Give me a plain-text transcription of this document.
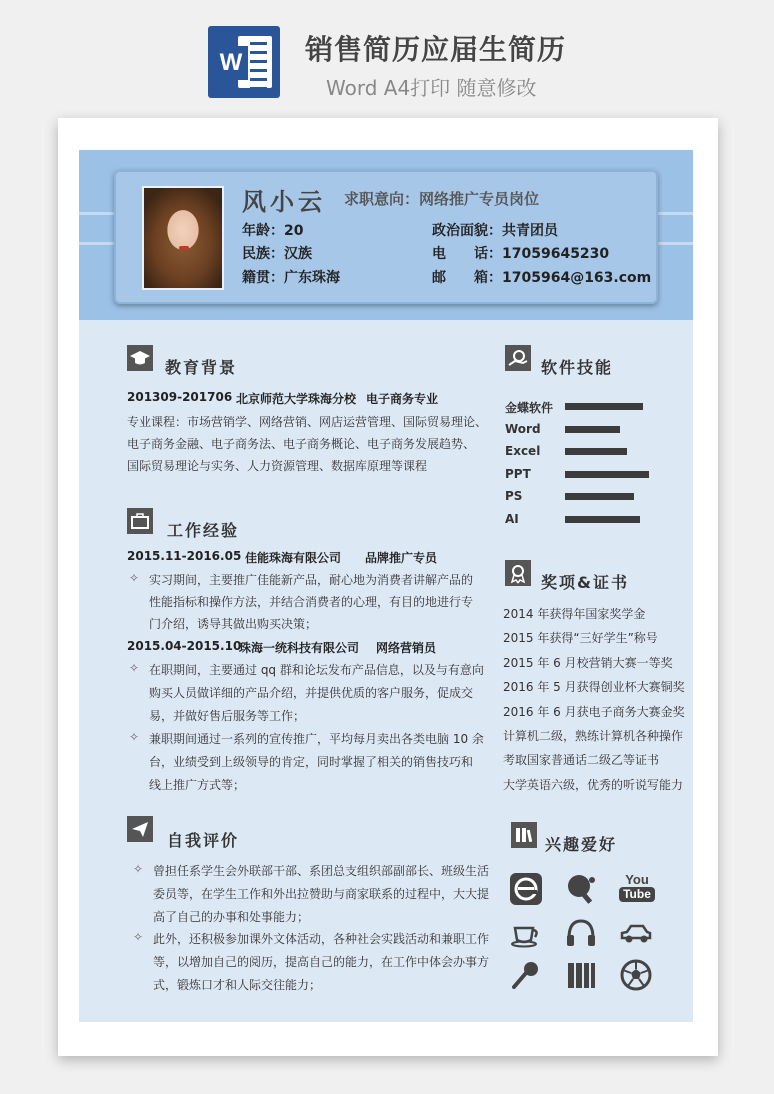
W 销售简历应届生简历
Word A4打印 随意修改
风小云 求职意向：网络推广专员岗位
年龄：20
民族：汉族
籍贯：广东珠海
政治面貌：共青团员
电　　话：17059645230
邮　　箱：1705964@163.com
教育背景
201309-201706 北京师范大学珠海分校 电子商务专业
专业课程：市场营销学、网络营销、网店运营管理、国际贸易理论、
电子商务金融、电子商务法、电子商务概论、电子商务发展趋势、
国际贸易理论与实务、人力资源管理、数据库原理等课程
工作经验
2015.11-2016.05 佳能珠海有限公司 品牌推广专员
✧ 实习期间，主要推广佳能新产品，耐心地为消费者讲解产品的
性能指标和操作方法，并结合消费者的心理，有目的地进行专
门介绍，诱导其做出购买决策；
2015.04-2015.10
珠海一统科技有限公司 网络营销员
✧ 在职期间，主要通过 qq 群和论坛发布产品信息，以及与有意向
购买人员做详细的产品介绍，并提供优质的客户服务，促成交
易，并做好售后服务等工作；
✧ 兼职期间通过一系列的宣传推广，平均每月卖出各类电脑 10 余
台，业绩受到上级领导的肯定，同时掌握了相关的销售技巧和
线上推广方式等；
自我评价
✧ 曾担任系学生会外联部干部、系团总支组织部副部长、班级生活
委员等，在学生工作和外出拉赞助与商家联系的过程中，大大提
高了自己的办事和处事能力；
✧ 此外，还积极参加课外文体活动，各种社会实践活动和兼职工作
等，以增加自己的阅历，提高自己的能力，在工作中体会办事方
式，锻炼口才和人际交往能力；
软件技能
奖项&证书
兴趣爱好
You
Tube
金蝶软件
Word
Excel
PPT
PS
AI
2014 年获得年国家奖学金
2015 年获得“三好学生”称号
2015 年 6 月校营销大赛一等奖
2016 年 5 月获得创业杯大赛铜奖
2016 年 6 月获电子商务大赛金奖
计算机二级，熟练计算机各种操作
考取国家普通话二级乙等证书
大学英语六级，优秀的听说写能力
